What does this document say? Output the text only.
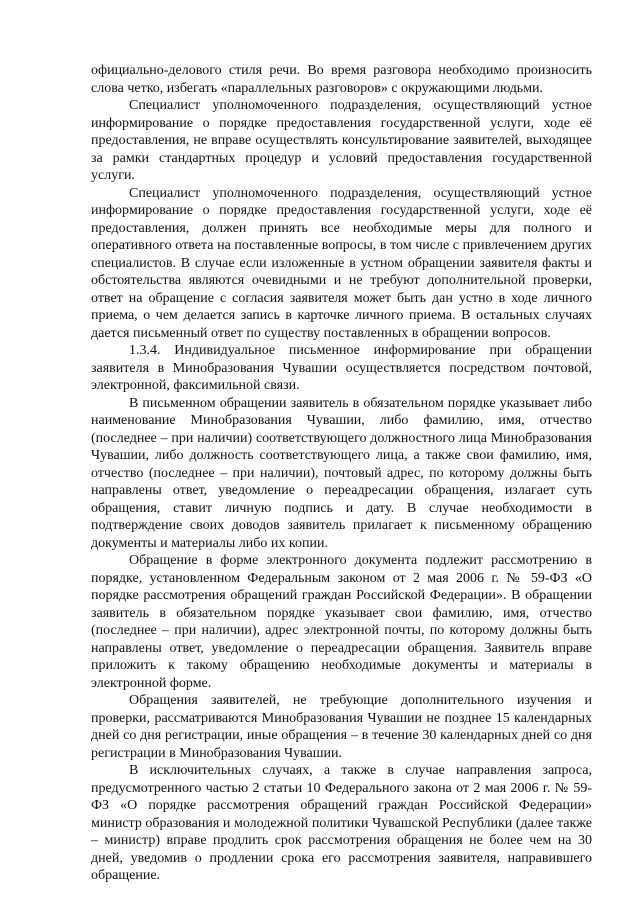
официально-делового стиля речи. Во время разговора необходимо произносить слова четко, избегать «параллельных разговоров» с окружающими людьми.

Специалист уполномоченного подразделения, осуществляющий устное информирование о порядке предоставления государственной услуги, ходе её предоставления, не вправе осуществлять консультирование заявителей, выходящее за рамки стандартных процедур и условий предоставления государственной услуги.

Специалист уполномоченного подразделения, осуществляющий устное информирование о порядке предоставления государственной услуги, ходе её предоставления, должен принять все необходимые меры для полного и оперативного ответа на поставленные вопросы, в том числе с привлечением других специалистов. В случае если изложенные в устном обращении заявителя факты и обстоятельства являются очевидными и не требуют дополнительной проверки, ответ на обращение с согласия заявителя может быть дан устно в ходе личного приема, о чем делается запись в карточке личного приема. В остальных случаях дается письменный ответ по существу поставленных в обращении вопросов.

1.3.4. Индивидуальное письменное информирование при обращении заявителя в Минобразования Чувашии осуществляется посредством почтовой, электронной, факсимильной связи.

В письменном обращении заявитель в обязательном порядке указывает либо наименование Минобразования Чувашии, либо фамилию, имя, отчество (последнее – при наличии) соответствующего должностного лица Минобразования Чувашии, либо должность соответствующего лица, а также свои фамилию, имя, отчество (последнее – при наличии), почтовый адрес, по которому должны быть направлены ответ, уведомление о переадресации обращения, излагает суть обращения, ставит личную подпись и дату. В случае необходимости в подтверждение своих доводов заявитель прилагает к письменному обращению документы и материалы либо их копии.

Обращение в форме электронного документа подлежит рассмотрению в порядке, установленном Федеральным законом от 2 мая 2006 г. № 59-ФЗ «О порядке рассмотрения обращений граждан Российской Федерации». В обращении заявитель в обязательном порядке указывает свои фамилию, имя, отчество (последнее – при наличии), адрес электронной почты, по которому должны быть направлены ответ, уведомление о переадресации обращения. Заявитель вправе приложить к такому обращению необходимые документы и материалы в электронной форме.

Обращения заявителей, не требующие дополнительного изучения и проверки, рассматриваются Минобразования Чувашии не позднее 15 календарных дней со дня регистрации, иные обращения – в течение 30 календарных дней со дня регистрации в Минобразования Чувашии.

В исключительных случаях, а также в случае направления запроса, предусмотренного частью 2 статьи 10 Федерального закона от 2 мая 2006 г. № 59-ФЗ «О порядке рассмотрения обращений граждан Российской Федерации» министр образования и молодежной политики Чувашской Республики (далее также – министр) вправе продлить срок рассмотрения обращения не более чем на 30 дней, уведомив о продлении срока его рассмотрения заявителя, направившего обращение.
